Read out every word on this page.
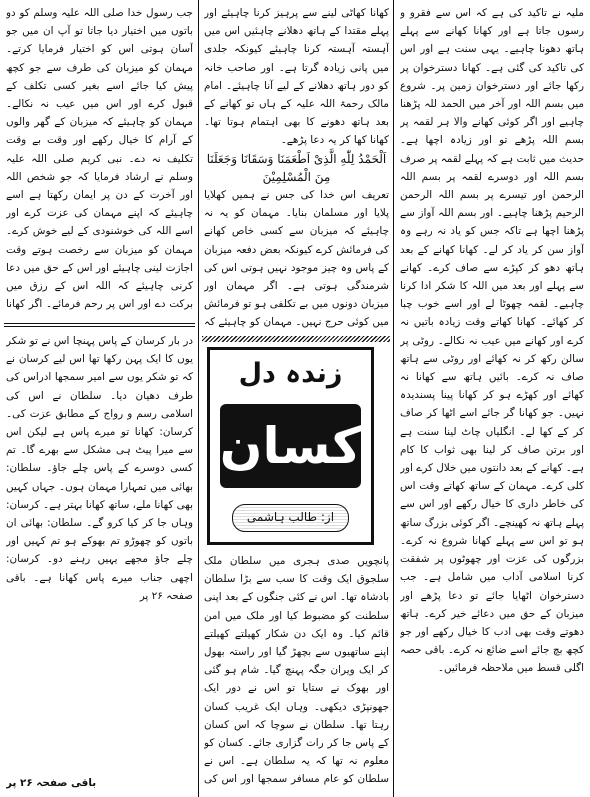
ملیہ نے تاکید کی ہے کہ اس سے فقرو و رسوں جاتا ہے اور کھانا کھانے سے پہلے ہاتھ دھونا چاہیے۔ یہی سنت ہے اور اس کی تاکید کی گئی ہے۔ کھانا دسترخوان پر رکھا جائے اور دسترخوان زمین پر۔ شروع میں بسم اللہ اور آخر میں الحمد للہ پڑھنا چاہیے اور اگر کوئی کھانے والا ہر لقمہ پر بسم اللہ پڑھے تو اور زیادہ اچھا ہے۔ حدیث میں ثابت ہے کہ پہلے لقمہ پر صرف بسم اللہ اور دوسرے لقمہ پر بسم اللہ الرحمن اور تیسرے پر بسم اللہ الرحمن الرحیم پڑھنا چاہیے۔ اور بسم اللہ آواز سے پڑھنا اچھا ہے تاکہ جس کو یاد نہ رہے وہ آواز سن کر یاد کر لے۔ کھانا کھانے کے بعد ہاتھ دھو کر کپڑے سے صاف کرے۔ کھانے سے پہلے اور بعد میں اللہ کا شکر ادا کرنا چاہیے۔ لقمہ چھوٹا لے اور اسے خوب چبا کر کھائے۔ کھانا کھاتے وقت زیادہ باتیں نہ کرے اور کھانے میں عیب نہ نکالے۔ روٹی پر سالن رکھ کر نہ کھائے اور روٹی سے ہاتھ صاف نہ کرے۔ بائیں ہاتھ سے کھانا نہ کھائے اور کھڑے ہو کر کھانا پینا پسندیدہ نہیں۔ جو کھانا گر جائے اسے اٹھا کر صاف کر کے کھا لے۔ انگلیاں چاٹ لینا سنت ہے اور برتن صاف کر لینا بھی ثواب کا کام ہے۔ کھانے کے بعد دانتوں میں خلال کرے اور کلی کرے۔ مہمان کے ساتھ کھاتے وقت اس کی خاطر داری کا خیال رکھے اور اس سے پہلے ہاتھ نہ کھینچے۔ اگر کوئی بزرگ ساتھ ہو تو اس سے پہلے کھانا شروع نہ کرے۔ بزرگوں کی عزت اور چھوٹوں پر شفقت کرنا اسلامی آداب میں شامل ہے۔ جب دسترخوان اٹھایا جائے تو دعا پڑھے اور میزبان کے حق میں دعائے خیر کرے۔ ہاتھ دھوتے وقت بھی ادب کا خیال رکھے اور جو کچھ بچ جائے اسے ضائع نہ کرے۔ باقی حصہ اگلی قسط میں ملاحظہ فرمائیں۔

کھانا کھاٹی لینے سے پرہیز کرنا چاہیئے اور پہلے مقتدا کے ہاتھ دھلانے چاہئیں اس میں آہستہ آہستہ کرنا چاہیئے کیونکہ جلدی میں پانی زیادہ گرتا ہے۔ اور صاحب خانہ کو دور ہاتھ دھلانے کے لیے آنا چاہیئے۔ امام مالک رحمۃ اللہ علیہ کے ہاں تو کھانے کے بعد ہاتھ دھونے کا بھی اہتمام ہوتا تھا۔ کھانا کھا کر یہ دعا پڑھے۔

اَلْحَمْدُ لِلّٰهِ الَّذِیْ اَطْعَمَنَا وَسَقَانَا وَجَعَلَنَا مِنَ الْمُسْلِمِیْنَ

تعریف اس خدا کی جس نے ہمیں کھلایا پلایا اور مسلمان بنایا۔ مہمان کو یہ نہ چاہیئے کہ میزبان سے کسی خاص کھانے کی فرمائش کرے کیونکہ بعض دفعہ میزبان کے پاس وہ چیز موجود نہیں ہوتی اس کی شرمندگی ہوتی ہے۔ اگر مہمان اور میزبان دونوں میں بے تکلفی ہو تو فرمائش میں کوئی حرج نہیں۔ مہمان کو چاہیئے کہ

جب رسول خدا صلی اللہ علیہ وسلم کو دو باتوں میں اختیار دیا جاتا تو آپ ان میں جو آسان ہوتی اس کو اختیار فرمایا کرتے۔ مہمان کو میزبان کی طرف سے جو کچھ پیش کیا جائے اسے بغیر کسی تکلف کے قبول کرے اور اس میں عیب نہ نکالے۔ مہمان کو چاہیئے کہ میزبان کے گھر والوں کے آرام کا خیال رکھے اور وقت بے وقت تکلیف نہ دے۔ نبی کریم صلی اللہ علیہ وسلم نے ارشاد فرمایا کہ جو شخص اللہ اور آخرت کے دن پر ایمان رکھتا ہے اسے چاہیئے کہ اپنے مہمان کی عزت کرے اور اسے اللہ کی خوشنودی کے لیے خوش کرے۔ مہمان کو میزبان سے رخصت ہوتے وقت اجازت لینی چاہیئے اور اس کے حق میں دعا کرنی چاہیئے کہ اللہ اس کے رزق میں برکت دے اور اس پر رحم فرمائے۔ اگر کھانا

زندہ دل
کسان
از: طالب ہاشمی

در بار کرسان کے پاس پہنچا اس نے تو شکر یوں کا ایک پہن رکھا تھا اس لیے کرسان نے کہ تو شکر یوں سے امیر سمجھا ادراس کی طرف دھیان دیا۔ سلطان نے اس کی اسلامی رسم و رواج کے مطابق عزت کی۔ کرسان: کھانا تو میرے پاس ہے لیکن اس سے میرا پیٹ ہی مشکل سے بھرے گا۔ تم کسی دوسرے کے پاس چلے جاؤ۔ سلطان: بھائی میں تمہارا مہمان ہوں۔ جہاں کہیں بھی کھانا ملے، ساتھ کھانا بہتر ہے۔ کرسان: وہاں جا کر کیا کرو گے۔ سلطان: بھائی ان باتوں کو چھوڑو تم بھوکے ہو تم کہیں اور چلے جاؤ مجھے یہیں رہنے دو۔ کرسان: اچھی جناب میرے پاس کھانا ہے۔ باقی صفحہ ۲۶ پر

باقی صفحہ ۲۶ پر

پانچویں صدی ہجری میں سلطان ملک سلجوق ایک وقت کا سب سے بڑا سلطان بادشاہ تھا۔ اس نے کئی جنگوں کے بعد اپنی سلطنت کو مضبوط کیا اور ملک میں امن قائم کیا۔ وہ ایک دن شکار کھیلتے کھیلتے اپنے ساتھیوں سے بچھڑ گیا اور راستہ بھول کر ایک ویران جگہ پہنچ گیا۔ شام ہو گئی اور بھوک نے ستایا تو اس نے دور ایک جھونپڑی دیکھی۔ وہاں ایک غریب کسان رہتا تھا۔ سلطان نے سوچا کہ اس کسان کے پاس جا کر رات گزاری جائے۔ کسان کو معلوم نہ تھا کہ یہ سلطان ہے۔ اس نے سلطان کو عام مسافر سمجھا اور اس کی
